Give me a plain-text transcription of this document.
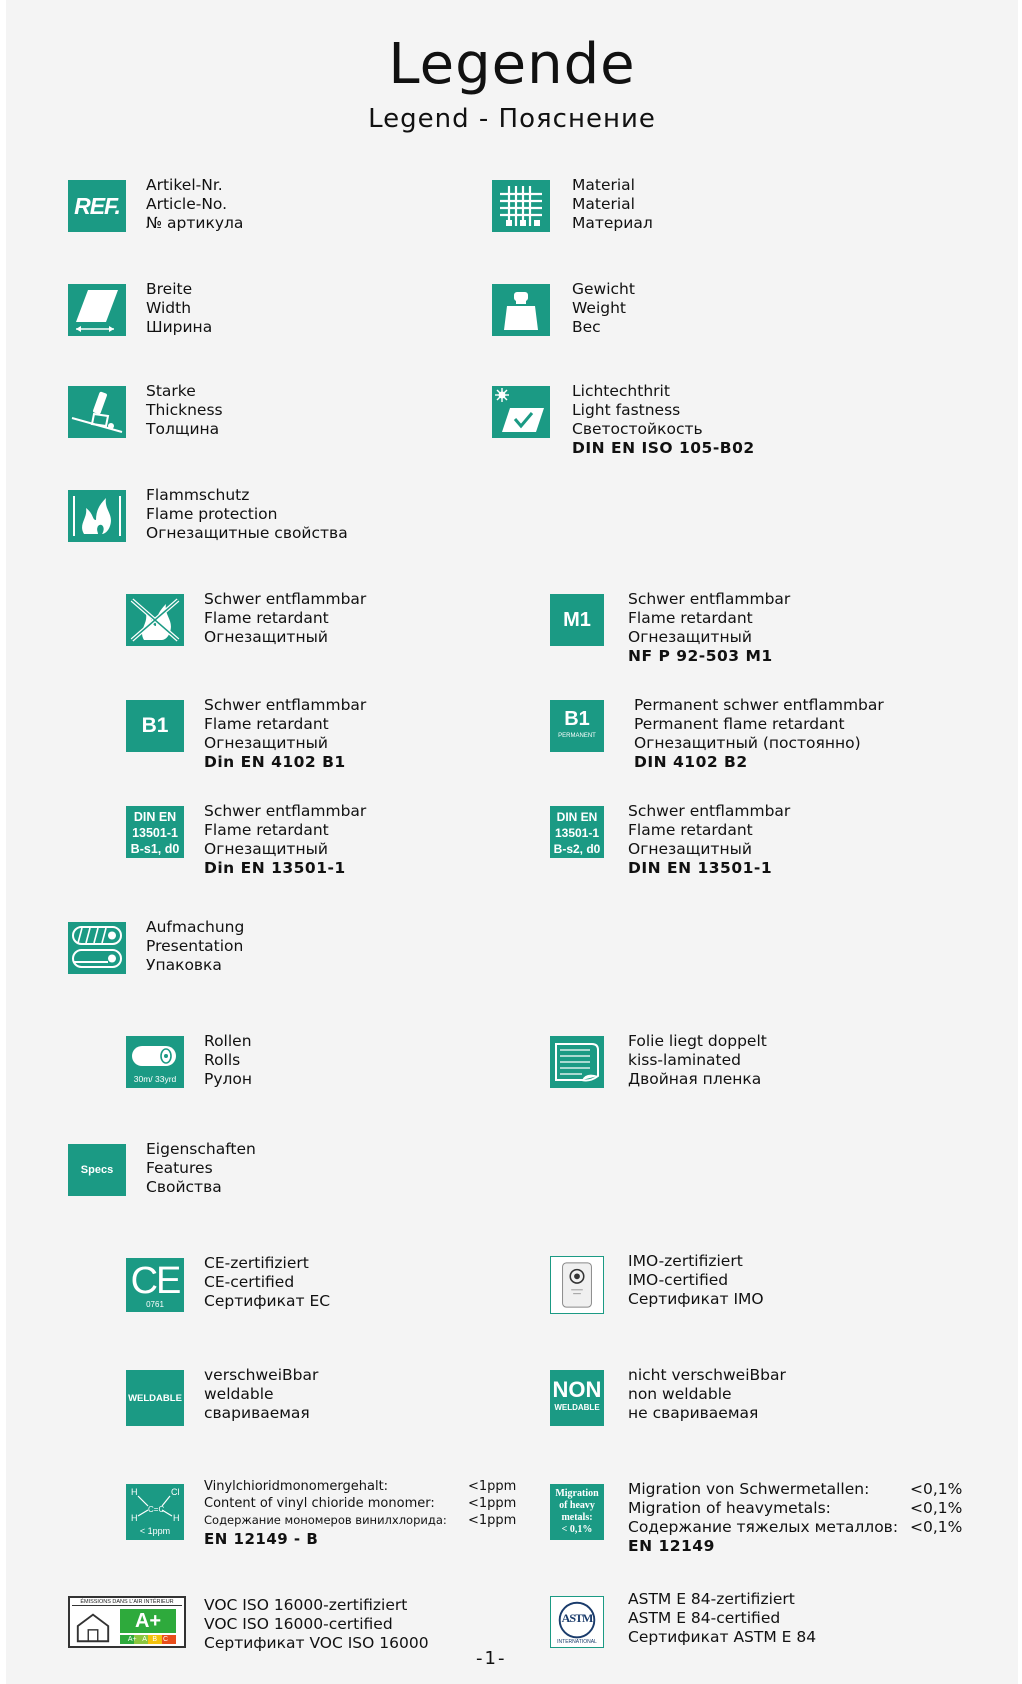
Legende
Legend - Пояснение
REF.
Artikel-Nr.
Article-No.
№ артикула
Material
Material
Материал
Breite
Width
Ширина
Gewicht
Weight
Вес
Starke
Thickness
Толщина
Lichtechthrit
Light fastness
Светостойкость
DIN EN ISO 105-B02
Flammschutz
Flame protection
Огнезащитные свойства
Schwer entflammbar
Flame retardant
Огнезащитный
M1
Schwer entflammbar
Flame retardant
Огнезащитный
NF P 92-503 M1
B1
Schwer entflammbar
Flame retardant
Огнезащитный
Din EN 4102 B1
B1
PERMANENT
Permanent schwer entflammbar
Permanent flame retardant
Огнезащитный (постоянно)
DIN 4102 B2
DIN EN
13501-1
B-s1, d0
Schwer entflammbar
Flame retardant
Огнезащитный
Din EN 13501-1
DIN EN
13501-1
B-s2, d0
Schwer entflammbar
Flame retardant
Огнезащитный
DIN EN 13501-1
Aufmachung
Presentation
Упаковка
30m/ 33yrd
Rollen
Rolls
Рулон
Folie liegt doppelt
kiss-laminated
Двойная пленка
Specs
Eigenschaften
Features
Свойства
CE
0761
CE-zertifiziert
CE-certified
Сертификат ЕС
IMO-zertifiziert
IMO-certified
Сертификат IMO
WELDABLE
verschweiBbar
weldable
свариваемая
NON
WELDABLE
nicht verschweiBbar
non weldable
не свариваемая
H	Cl
H	H
C=C
< 1ppm
Vinylchioridmonomergehalt:	<1ppm
Content of vinyl chioride monomer:	<1ppm
Содержание мономеров винилхлорида:	<1ppm
EN 12149 - B
Migration
of heavy
metals:
< 0,1%
Migration von Schwermetallen:	<0,1%
Migration of heavymetals:	<0,1%
Содержание тяжелых металлов: <0,1%
EN 12149
ÉMISSIONS DANS L'AIR INTÉRIEUR
A+
A+ A B C
VOC ISO 16000-zertifiziert
VOC ISO 16000-certified
Сертификат VOC ISO 16000
ASTM
INTERNATIONAL
ASTM E 84-zertifiziert
ASTM E 84-certified
Сертификат ASTM E 84
-1-
